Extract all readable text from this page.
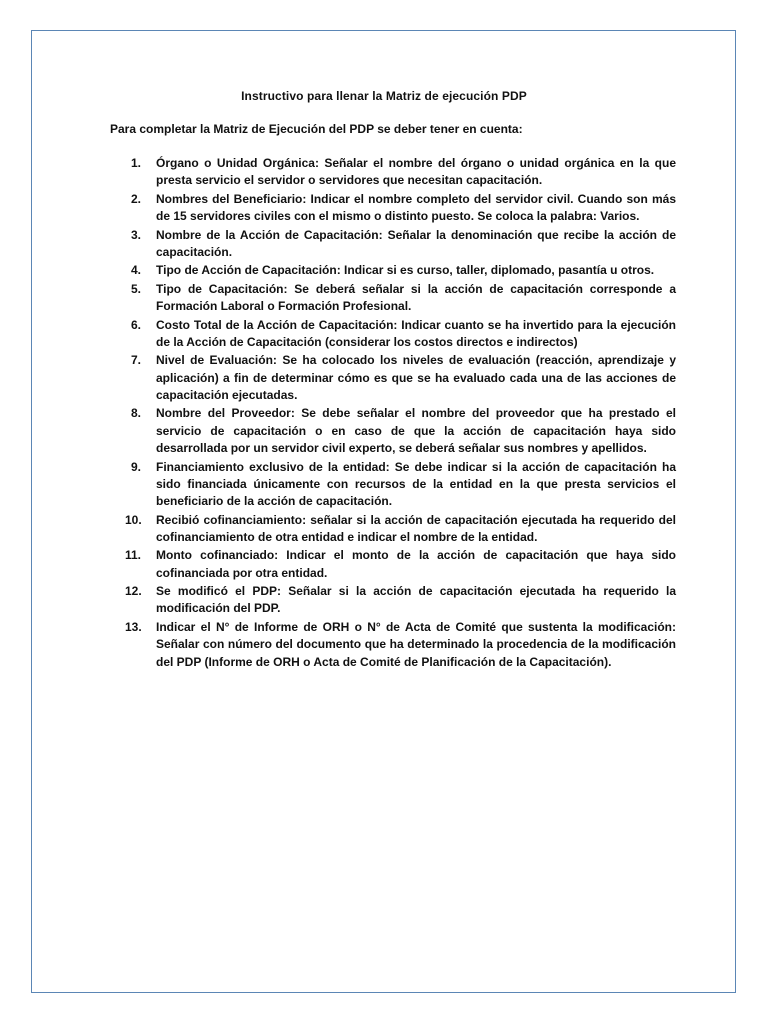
Instructivo para llenar la Matriz de ejecución PDP

Para completar la Matriz de Ejecución del PDP se deber tener en cuenta:

1. Órgano o Unidad Orgánica: Señalar el nombre del órgano o unidad orgánica en la que presta servicio el servidor o servidores que necesitan capacitación.
2. Nombres del Beneficiario: Indicar el nombre completo del servidor civil. Cuando son más de 15 servidores civiles con el mismo o distinto puesto. Se coloca la palabra: Varios.
3. Nombre de la Acción de Capacitación: Señalar la denominación que recibe la acción de capacitación.
4. Tipo de Acción de Capacitación: Indicar si es curso, taller, diplomado, pasantía u otros.
5. Tipo de Capacitación: Se deberá señalar si la acción de capacitación corresponde a Formación Laboral o Formación Profesional.
6. Costo Total de la Acción de Capacitación: Indicar cuanto se ha invertido para la ejecución de la Acción de Capacitación (considerar los costos directos e indirectos)
7. Nivel de Evaluación: Se ha colocado los niveles de evaluación (reacción, aprendizaje y aplicación) a fin de determinar cómo es que se ha evaluado cada una de las acciones de capacitación ejecutadas.
8. Nombre del Proveedor: Se debe señalar el nombre del proveedor que ha prestado el servicio de capacitación o en caso de que la acción de capacitación haya sido desarrollada por un servidor civil experto, se deberá señalar sus nombres y apellidos.
9. Financiamiento exclusivo de la entidad: Se debe indicar si la acción de capacitación ha sido financiada únicamente con recursos de la entidad en la que presta servicios el beneficiario de la acción de capacitación.
10. Recibió cofinanciamiento: señalar si la acción de capacitación ejecutada ha requerido del cofinanciamiento de otra entidad e indicar el nombre de la entidad.
11. Monto cofinanciado: Indicar el monto de la acción de capacitación que haya sido cofinanciada por otra entidad.
12. Se modificó el PDP: Señalar si la acción de capacitación ejecutada ha requerido la modificación del PDP.
13. Indicar el N° de Informe de ORH o N° de Acta de Comité que sustenta la modificación: Señalar con número del documento que ha determinado la procedencia de la modificación del PDP (Informe de ORH o Acta de Comité de Planificación de la Capacitación).
